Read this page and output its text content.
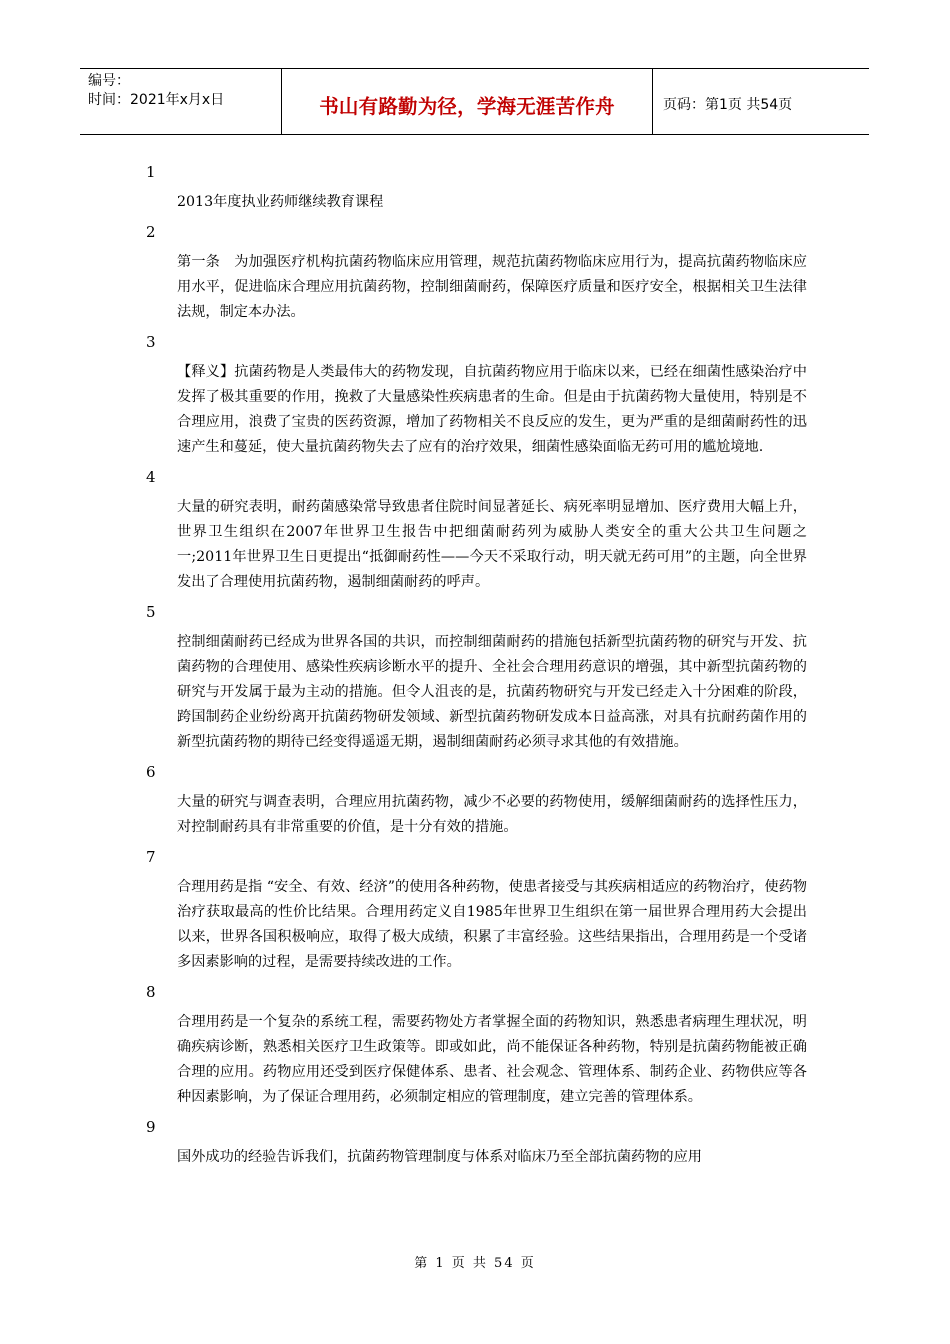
编号：
时间：2021年x月x日	书山有路勤为径，学海无涯苦作舟	页码：第1页 共54页
1
2013年度执业药师继续教育课程
2
第一条　为加强医疗机构抗菌药物临床应用管理，规范抗菌药物临床应用行为，提高抗菌药物临床应用水平，促进临床合理应用抗菌药物，控制细菌耐药，保障医疗质量和医疗安全，根据相关卫生法律法规，制定本办法。
3
【释义】抗菌药物是人类最伟大的药物发现，自抗菌药物应用于临床以来，已经在细菌性感染治疗中发挥了极其重要的作用，挽救了大量感染性疾病患者的生命。但是由于抗菌药物大量使用，特别是不合理应用，浪费了宝贵的医药资源，增加了药物相关不良反应的发生，更为严重的是细菌耐药性的迅速产生和蔓延，使大量抗菌药物失去了应有的治疗效果，细菌性感染面临无药可用的尴尬境地.
4
大量的研究表明，耐药菌感染常导致患者住院时间显著延长、病死率明显增加、医疗费用大幅上升，世界卫生组织在2007年世界卫生报告中把细菌耐药列为威胁人类安全的重大公共卫生问题之一;2011年世界卫生日更提出“抵御耐药性——今天不采取行动，明天就无药可用”的主题，向全世界发出了合理使用抗菌药物，遏制细菌耐药的呼声。
5
控制细菌耐药已经成为世界各国的共识，而控制细菌耐药的措施包括新型抗菌药物的研究与开发、抗菌药物的合理使用、感染性疾病诊断水平的提升、全社会合理用药意识的增强，其中新型抗菌药物的研究与开发属于最为主动的措施。但令人沮丧的是，抗菌药物研究与开发已经走入十分困难的阶段，跨国制药企业纷纷离开抗菌药物研发领域、新型抗菌药物研发成本日益高涨，对具有抗耐药菌作用的新型抗菌药物的期待已经变得遥遥无期，遏制细菌耐药必须寻求其他的有效措施。
6
大量的研究与调查表明，合理应用抗菌药物，减少不必要的药物使用，缓解细菌耐药的选择性压力，对控制耐药具有非常重要的价值，是十分有效的措施。
7
合理用药是指 “安全、有效、经济”的使用各种药物，使患者接受与其疾病相适应的药物治疗，使药物治疗获取最高的性价比结果。合理用药定义自1985年世界卫生组织在第一届世界合理用药大会提出以来，世界各国积极响应，取得了极大成绩，积累了丰富经验。这些结果指出，合理用药是一个受诸多因素影响的过程，是需要持续改进的工作。
8
合理用药是一个复杂的系统工程，需要药物处方者掌握全面的药物知识，熟悉患者病理生理状况，明确疾病诊断，熟悉相关医疗卫生政策等。即或如此，尚不能保证各种药物，特别是抗菌药物能被正确合理的应用。药物应用还受到医疗保健体系、患者、社会观念、管理体系、制药企业、药物供应等各种因素影响，为了保证合理用药，必须制定相应的管理制度，建立完善的管理体系。
9
国外成功的经验告诉我们，抗菌药物管理制度与体系对临床乃至全部抗菌药物的应用
第 1 页 共 54 页
